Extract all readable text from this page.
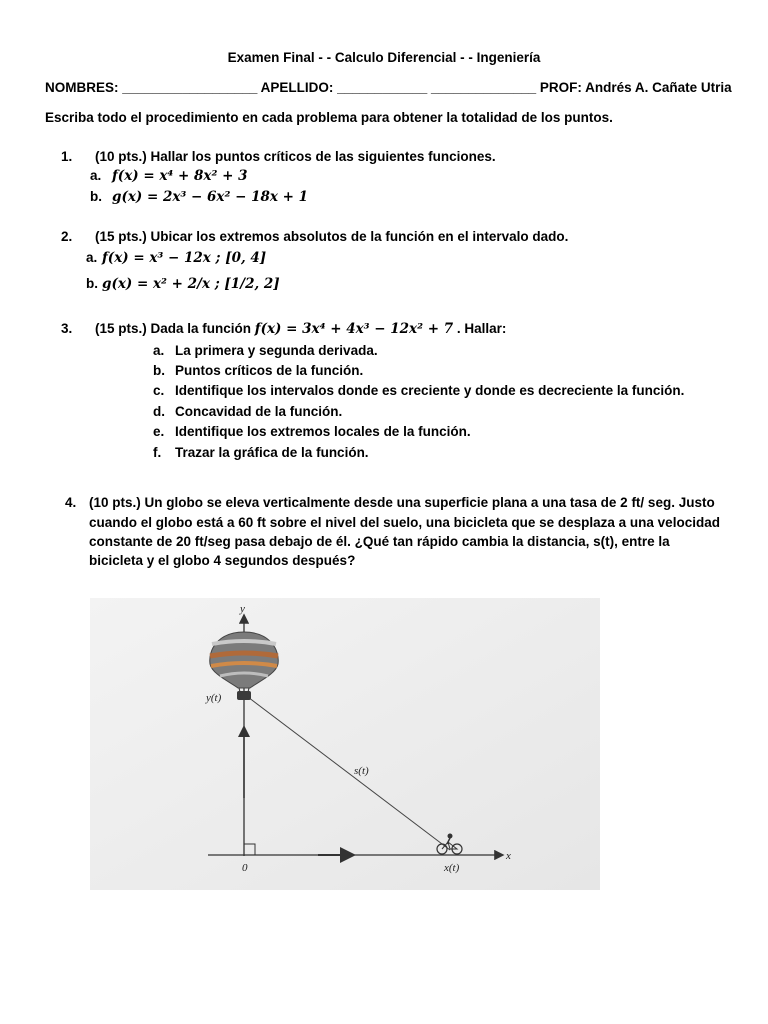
Examen Final - - Calculo Diferencial - - Ingeniería
NOMBRES: __________________ APELLIDO: ____________ ______________ PROF: Andrés A. Cañate Utria
Escriba todo el procedimiento en cada problema para obtener la totalidad de los puntos.
1. (10 pts.) Hallar los puntos críticos de las siguientes funciones.
a. f(x) = x⁴ + 8x² + 3
b. g(x) = 2x³ − 6x² − 18x + 1
2. (15 pts.) Ubicar los extremos absolutos de la función en el intervalo dado.
a. f(x) = x³ − 12x ; [0, 4]
b. g(x) = x² + 2/x ; [1/2, 2]
3. (15 pts.) Dada la función f(x) = 3x⁴ + 4x³ − 12x² + 7 . Hallar:
a. La primera y segunda derivada.
b. Puntos críticos de la función.
c. Identifique los intervalos donde es creciente y donde es decreciente la función.
d. Concavidad de la función.
e. Identifique los extremos locales de la función.
f. Trazar la gráfica de la función.
4. (10 pts.) Un globo se eleva verticalmente desde una superficie plana a una tasa de 2 ft/ seg. Justo
cuando el globo está a 60 ft sobre el nivel del suelo, una bicicleta que se desplaza a una velocidad
constante de 20 ft/seg pasa debajo de él. ¿Qué tan rápido cambia la distancia, s(t), entre la
bicicleta y el globo 4 segundos después?
y
x
0
s(t)
y(t)
x(t)
